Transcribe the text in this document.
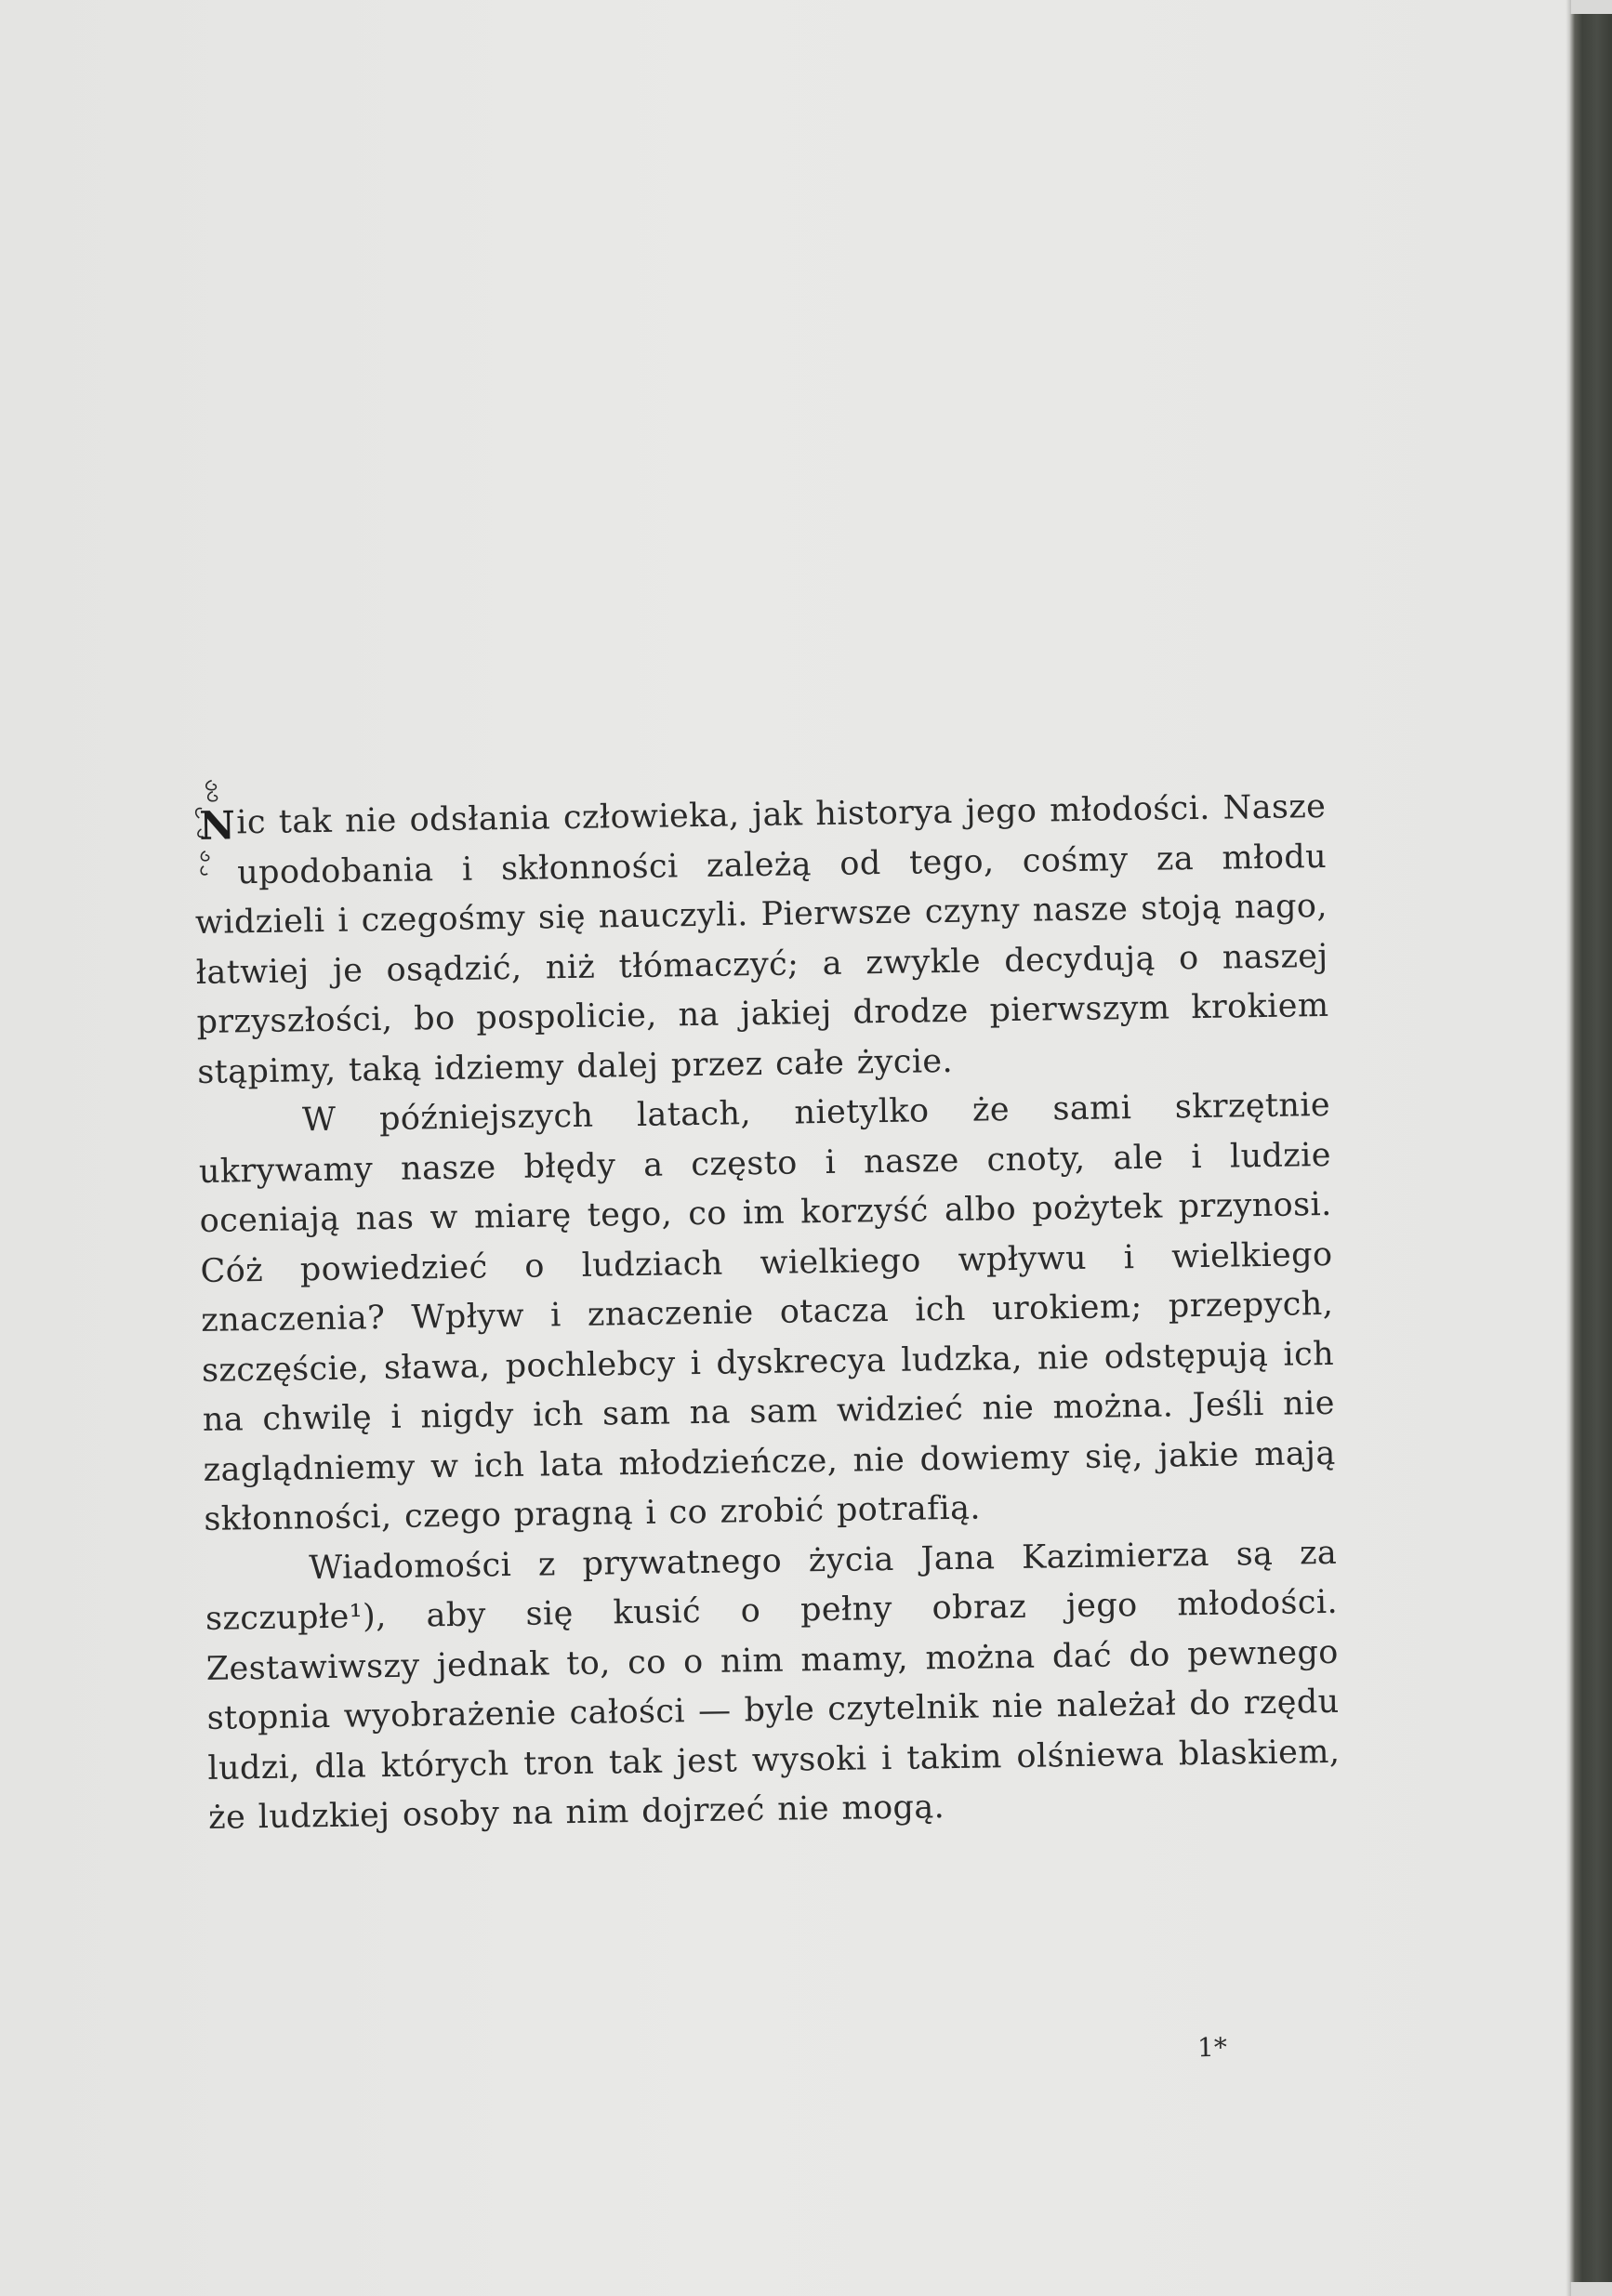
N ic tak nie odsłania człowieka, jak historya jego młodości. Nasze upodobania i skłonności zależą od tego, cośmy za młodu widzieli i czegośmy się nauczyli. Pierwsze czyny nasze stoją nago, łatwiej je osądzić, niż tłómaczyć; a zwykle decydują o naszej przyszłości, bo pospolicie, na jakiej drodze pierwszym krokiem stąpimy, taką idziemy dalej przez całe życie.

W późniejszych latach, nietylko że sami skrzętnie ukrywamy nasze błędy a często i nasze cnoty, ale i ludzie oceniają nas w miarę tego, co im korzyść albo pożytek przynosi. Cóż powiedzieć o ludziach wielkiego wpływu i wielkiego znaczenia? Wpływ i znaczenie otacza ich urokiem; przepych, szczęście, sława, pochlebcy i dyskrecya ludzka, nie odstępują ich na chwilę i nigdy ich sam na sam widzieć nie można. Jeśli nie zaglądniemy w ich lata młodzieńcze, nie dowiemy się, jakie mają skłonności, czego pragną i co zrobić potrafią.

Wiadomości z prywatnego życia Jana Kazimierza są za szczupłe¹), aby się kusić o pełny obraz jego młodości. Zestawiwszy jednak to, co o nim mamy, można dać do pewnego stopnia wyobrażenie całości — byle czytelnik nie należał do rzędu ludzi, dla których tron tak jest wysoki i takim olśniewa blaskiem, że ludzkiej osoby na nim dojrzeć nie mogą.

1*
